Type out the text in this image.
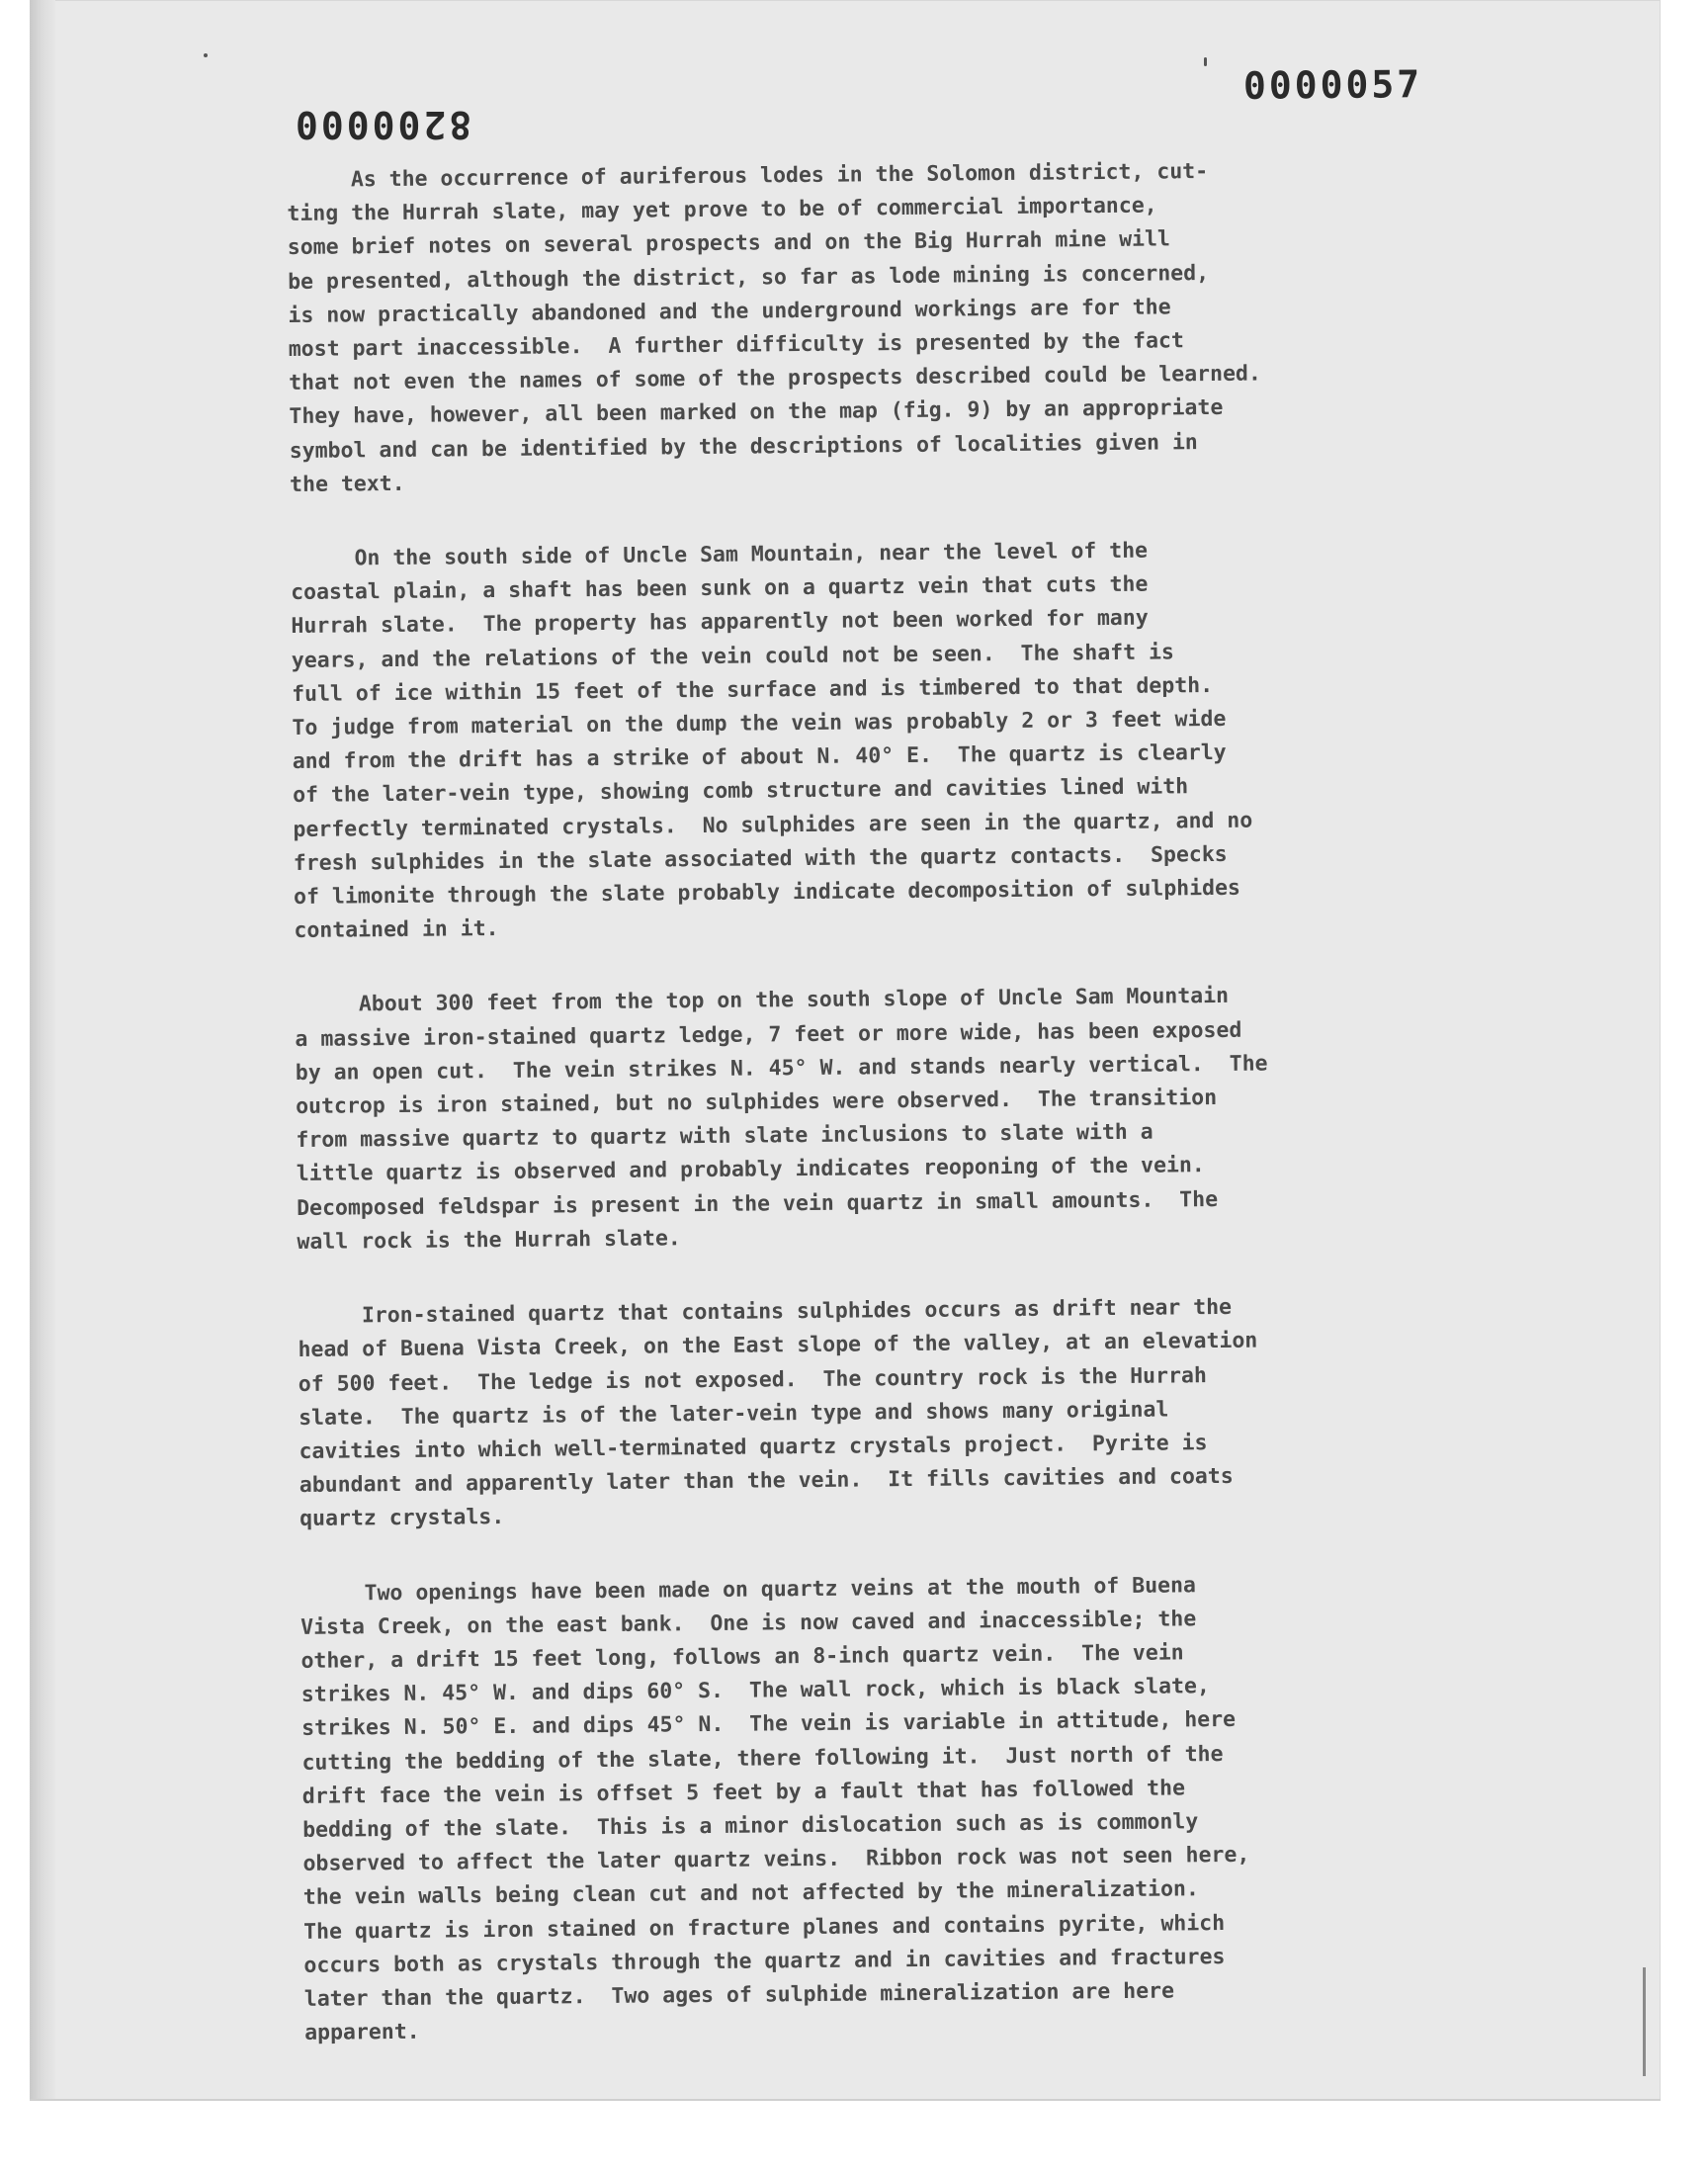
0000057
8200000
As the occurrence of auriferous lodes in the Solomon district, cut-
ting the Hurrah slate, may yet prove to be of commercial importance,
some brief notes on several prospects and on the Big Hurrah mine will
be presented, although the district, so far as lode mining is concerned,
is now practically abandoned and the underground workings are for the
most part inaccessible.  A further difficulty is presented by the fact
that not even the names of some of the prospects described could be learned.
They have, however, all been marked on the map (fig. 9) by an appropriate
symbol and can be identified by the descriptions of localities given in
the text.
On the south side of Uncle Sam Mountain, near the level of the
coastal plain, a shaft has been sunk on a quartz vein that cuts the
Hurrah slate.  The property has apparently not been worked for many
years, and the relations of the vein could not be seen.  The shaft is
full of ice within 15 feet of the surface and is timbered to that depth.
To judge from material on the dump the vein was probably 2 or 3 feet wide
and from the drift has a strike of about N. 40° E.  The quartz is clearly
of the later-vein type, showing comb structure and cavities lined with
perfectly terminated crystals.  No sulphides are seen in the quartz, and no
fresh sulphides in the slate associated with the quartz contacts.  Specks
of limonite through the slate probably indicate decomposition of sulphides
contained in it.
About 300 feet from the top on the south slope of Uncle Sam Mountain
a massive iron-stained quartz ledge, 7 feet or more wide, has been exposed
by an open cut.  The vein strikes N. 45° W. and stands nearly vertical.  The
outcrop is iron stained, but no sulphides were observed.  The transition
from massive quartz to quartz with slate inclusions to slate with a
little quartz is observed and probably indicates reoponing of the vein.
Decomposed feldspar is present in the vein quartz in small amounts.  The
wall rock is the Hurrah slate.
Iron-stained quartz that contains sulphides occurs as drift near the
head of Buena Vista Creek, on the East slope of the valley, at an elevation
of 500 feet.  The ledge is not exposed.  The country rock is the Hurrah
slate.  The quartz is of the later-vein type and shows many original
cavities into which well-terminated quartz crystals project.  Pyrite is
abundant and apparently later than the vein.  It fills cavities and coats
quartz crystals.
Two openings have been made on quartz veins at the mouth of Buena
Vista Creek, on the east bank.  One is now caved and inaccessible; the
other, a drift 15 feet long, follows an 8-inch quartz vein.  The vein
strikes N. 45° W. and dips 60° S.  The wall rock, which is black slate,
strikes N. 50° E. and dips 45° N.  The vein is variable in attitude, here
cutting the bedding of the slate, there following it.  Just north of the
drift face the vein is offset 5 feet by a fault that has followed the
bedding of the slate.  This is a minor dislocation such as is commonly
observed to affect the later quartz veins.  Ribbon rock was not seen here,
the vein walls being clean cut and not affected by the mineralization.
The quartz is iron stained on fracture planes and contains pyrite, which
occurs both as crystals through the quartz and in cavities and fractures
later than the quartz.  Two ages of sulphide mineralization are here
apparent.
